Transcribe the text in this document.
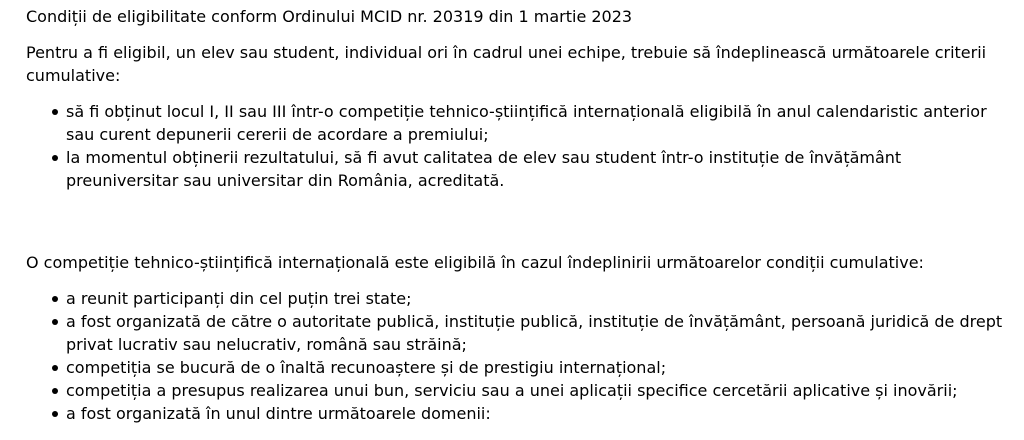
Condiții de eligibilitate conform Ordinului MCID nr. 20319 din 1 martie 2023

Pentru a fi eligibil, un elev sau student, individual ori în cadrul unei echipe, trebuie să îndeplinească următoarele criterii cumulative:

să fi obținut locul I, II sau III într-o competiție tehnico-științifică internațională eligibilă în anul calendaristic anterior sau curent depunerii cererii de acordare a premiului;
la momentul obținerii rezultatului, să fi avut calitatea de elev sau student într-o instituție de învățământ preuniversitar sau universitar din România, acreditată.

O competiție tehnico-științifică internațională este eligibilă în cazul îndeplinirii următoarelor condiții cumulative:

a reunit participanți din cel puțin trei state;
a fost organizată de către o autoritate publică, instituție publică, instituție de învățământ, persoană juridică de drept privat lucrativ sau nelucrativ, română sau străină;
competiția se bucură de o înaltă recunoaștere și de prestigiu internațional;
competiția a presupus realizarea unui bun, serviciu sau a unei aplicații specifice cercetării aplicative și inovării;
a fost organizată în unul dintre următoarele domenii:
